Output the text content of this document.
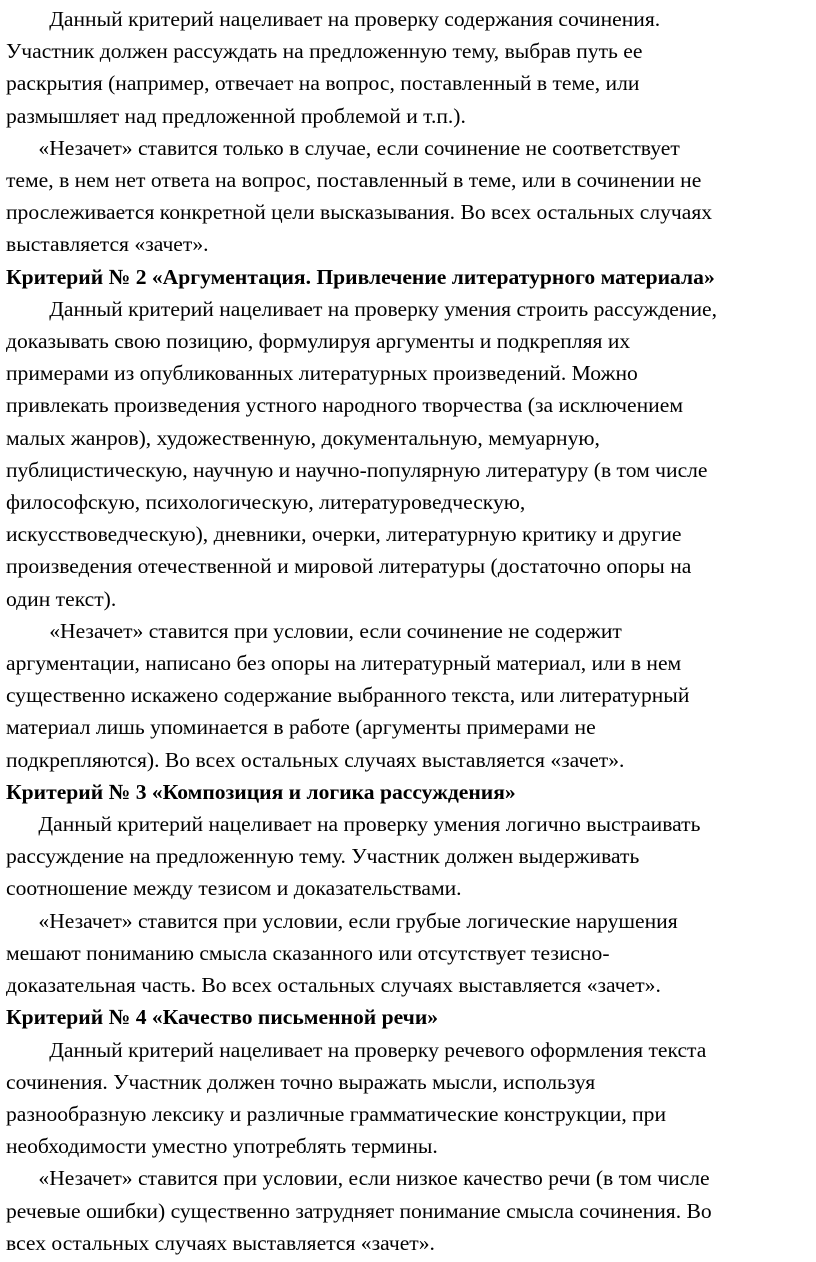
Данный критерий нацеливает на проверку содержания сочинения.

Участник должен рассуждать на предложенную тему, выбрав путь ее

раскрытия (например, отвечает на вопрос, поставленный в теме, или

размышляет над предложенной проблемой и т.п.).

«Незачет» ставится только в случае, если сочинение не соответствует

теме, в нем нет ответа на вопрос, поставленный в теме, или в сочинении не

прослеживается конкретной цели высказывания. Во всех остальных случаях

выставляется «зачет».

Критерий № 2 «Аргументация. Привлечение литературного материала»

Данный критерий нацеливает на проверку умения строить рассуждение,

доказывать свою позицию, формулируя аргументы и подкрепляя их

примерами из опубликованных литературных произведений. Можно

привлекать произведения устного народного творчества (за исключением

малых жанров), художественную, документальную, мемуарную,

публицистическую, научную и научно-популярную литературу (в том числе

философскую, психологическую, литературоведческую,

искусствоведческую), дневники, очерки, литературную критику и другие

произведения отечественной и мировой литературы (достаточно опоры на

один текст).

«Незачет» ставится при условии, если сочинение не содержит

аргументации, написано без опоры на литературный материал, или в нем

существенно искажено содержание выбранного текста, или литературный

материал лишь упоминается в работе (аргументы примерами не

подкрепляются). Во всех остальных случаях выставляется «зачет».

Критерий № 3 «Композиция и логика рассуждения»

Данный критерий нацеливает на проверку умения логично выстраивать

рассуждение на предложенную тему. Участник должен выдерживать

соотношение между тезисом и доказательствами.

«Незачет» ставится при условии, если грубые логические нарушения

мешают пониманию смысла сказанного или отсутствует тезисно-

доказательная часть. Во всех остальных случаях выставляется «зачет».

Критерий № 4 «Качество письменной речи»

Данный критерий нацеливает на проверку речевого оформления текста

сочинения. Участник должен точно выражать мысли, используя

разнообразную лексику и различные грамматические конструкции, при

необходимости уместно употреблять термины.

«Незачет» ставится при условии, если низкое качество речи (в том числе

речевые ошибки) существенно затрудняет понимание смысла сочинения. Во

всех остальных случаях выставляется «зачет».
